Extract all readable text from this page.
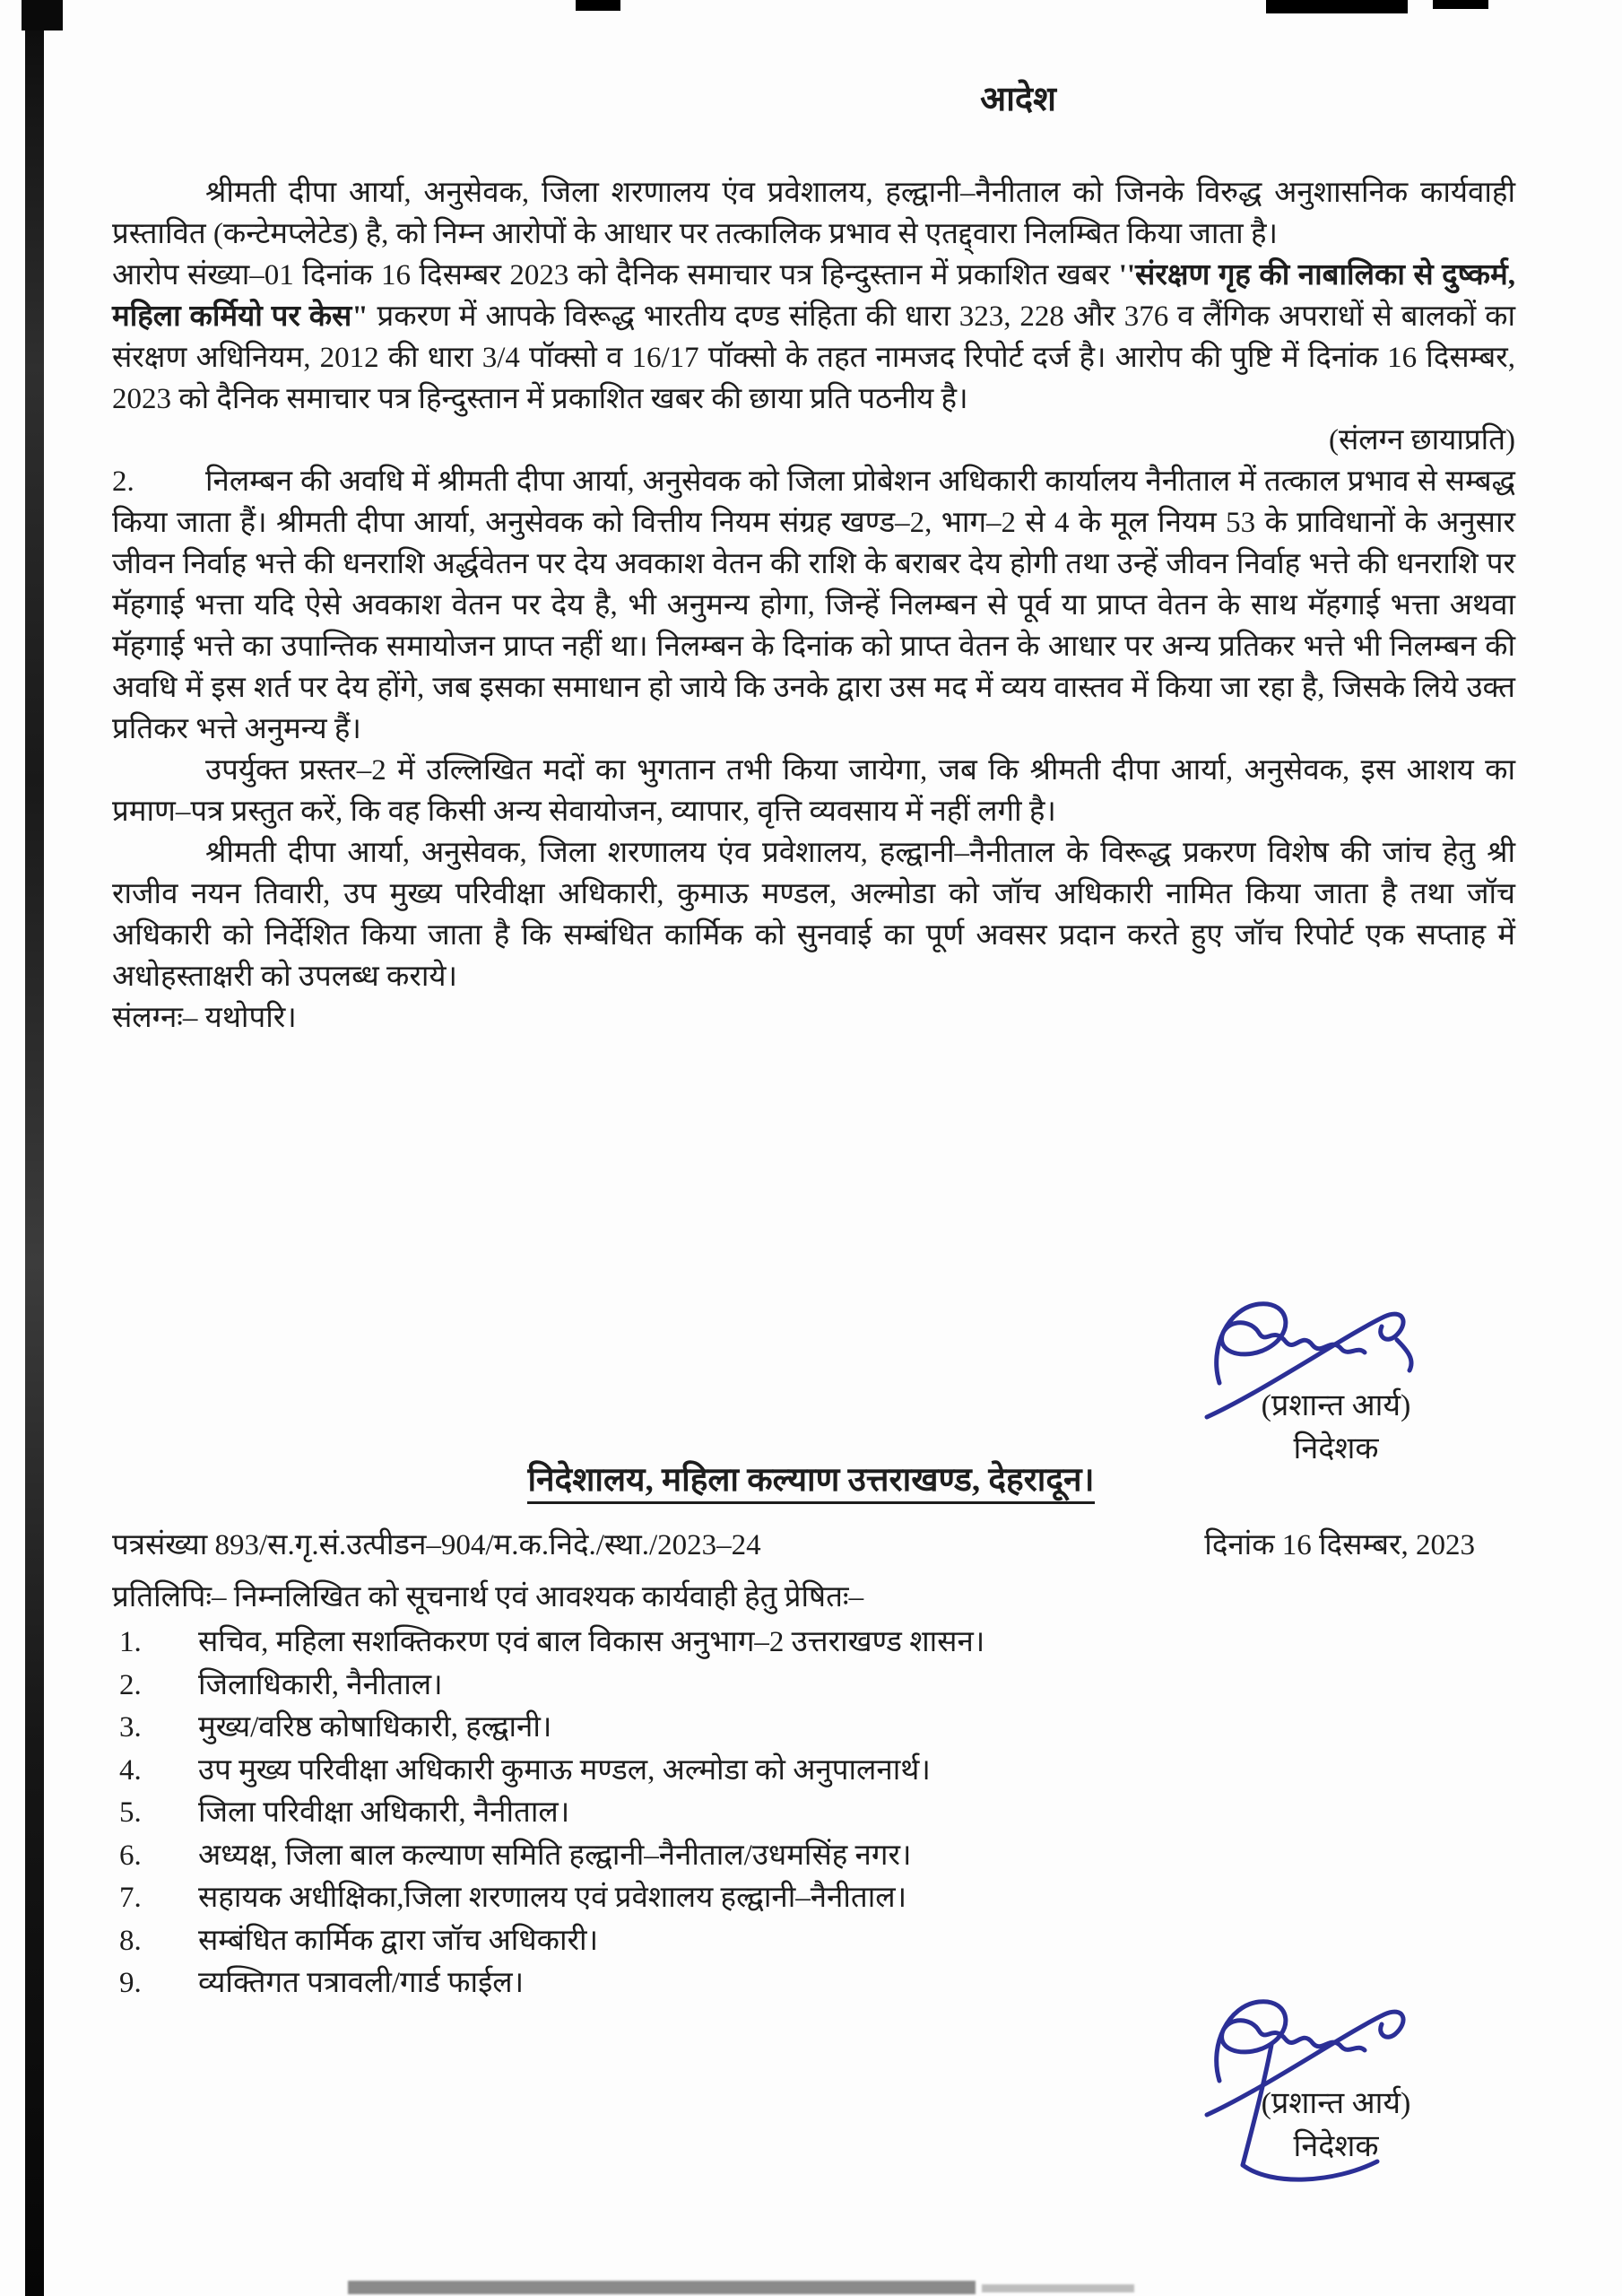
आदेश

श्रीमती दीपा आर्या, अनुसेवक, जिला शरणालय एंव प्रवेशालय, हल्द्वानी–नैनीताल को जिनके विरुद्ध अनुशासनिक कार्यवाही प्रस्तावित (कन्टेमप्लेटेड) है, को निम्न आरोपों के आधार पर तत्कालिक प्रभाव से एतद्द्वारा निलम्बित किया जाता है।

आरोप संख्या–01 दिनांक 16 दिसम्बर 2023 को दैनिक समाचार पत्र हिन्दुस्तान में प्रकाशित खबर ''संरक्षण गृह की नाबालिका से दुष्कर्म, महिला कर्मियो पर केस" प्रकरण में आपके विरूद्ध भारतीय दण्ड संहिता की धारा 323, 228 और 376 व लैंगिक अपराधों से बालकों का संरक्षण अधिनियम, 2012 की धारा 3/4 पॉक्सो व 16/17 पॉक्सो के तहत नामजद रिपोर्ट दर्ज है। आरोप की पुष्टि में दिनांक 16 दिसम्बर, 2023 को दैनिक समाचार पत्र हिन्दुस्तान में प्रकाशित खबर की छाया प्रति पठनीय है।

(संलग्न छायाप्रति)

2. निलम्बन की अवधि में श्रीमती दीपा आर्या, अनुसेवक को जिला प्रोबेशन अधिकारी कार्यालय नैनीताल में तत्काल प्रभाव से सम्बद्ध किया जाता हैं। श्रीमती दीपा आर्या, अनुसेवक को वित्तीय नियम संग्रह खण्ड–2, भाग–2 से 4 के मूल नियम 53 के प्राविधानों के अनुसार जीवन निर्वाह भत्ते की धनराशि अर्द्धवेतन पर देय अवकाश वेतन की राशि के बराबर देय होगी तथा उन्हें जीवन निर्वाह भत्ते की धनराशि पर मॅहगाई भत्ता यदि ऐसे अवकाश वेतन पर देय है, भी अनुमन्य होगा, जिन्हें निलम्बन से पूर्व या प्राप्त वेतन के साथ मॅहगाई भत्ता अथवा मॅहगाई भत्ते का उपान्तिक समायोजन प्राप्त नहीं था। निलम्बन के दिनांक को प्राप्त वेतन के आधार पर अन्य प्रतिकर भत्ते भी निलम्बन की अवधि में इस शर्त पर देय होंगे, जब इसका समाधान हो जाये कि उनके द्वारा उस मद में व्यय वास्तव में किया जा रहा है, जिसके लिये उक्त प्रतिकर भत्ते अनुमन्य हैं।

उपर्युक्त प्रस्तर–2 में उल्लिखित मदों का भुगतान तभी किया जायेगा, जब कि श्रीमती दीपा आर्या, अनुसेवक, इस आशय का प्रमाण–पत्र प्रस्तुत करें, कि वह किसी अन्य सेवायोजन, व्यापार, वृत्ति व्यवसाय में नहीं लगी है।

श्रीमती दीपा आर्या, अनुसेवक, जिला शरणालय एंव प्रवेशालय, हल्द्वानी–नैनीताल के विरूद्ध प्रकरण विशेष की जांच हेतु श्री राजीव नयन तिवारी, उप मुख्य परिवीक्षा अधिकारी, कुमाऊ मण्डल, अल्मोडा को जॉच अधिकारी नामित किया जाता है तथा जॉच अधिकारी को निर्देशित किया जाता है कि सम्बंधित कार्मिक को सुनवाई का पूर्ण अवसर प्रदान करते हुए जॉच रिपोर्ट एक सप्ताह में अधोहस्ताक्षरी को उपलब्ध कराये।

संलग्नः– यथोपरि।

(प्रशान्त आर्य)
निदेशक
निदेशालय, महिला कल्याण उत्तराखण्ड, देहरादून।
पत्रसंख्या 893/स.गृ.सं.उत्पीडन–904/म.क.निदे./स्था./2023–24	दिनांक 16 दिसम्बर, 2023
प्रतिलिपिः– निम्नलिखित को सूचनार्थ एवं आवश्यक कार्यवाही हेतु प्रेषितः–
1.	सचिव, महिला सशक्तिकरण एवं बाल विकास अनुभाग–2 उत्तराखण्ड शासन।
2.	जिलाधिकारी, नैनीताल।
3.	मुख्य/वरिष्ठ कोषाधिकारी, हल्द्वानी।
4.	उप मुख्य परिवीक्षा अधिकारी कुमाऊ मण्डल, अल्मोडा को अनुपालनार्थ।
5.	जिला परिवीक्षा अधिकारी, नैनीताल।
6.	अध्यक्ष, जिला बाल कल्याण समिति हल्द्वानी–नैनीताल/उधमसिंह नगर।
7.	सहायक अधीक्षिका,जिला शरणालय एवं प्रवेशालय हल्द्वानी–नैनीताल।
8.	सम्बंधित कार्मिक द्वारा जॉच अधिकारी।
9.	व्यक्तिगत पत्रावली/गार्ड फाईल।
(प्रशान्त आर्य)
निदेशक
